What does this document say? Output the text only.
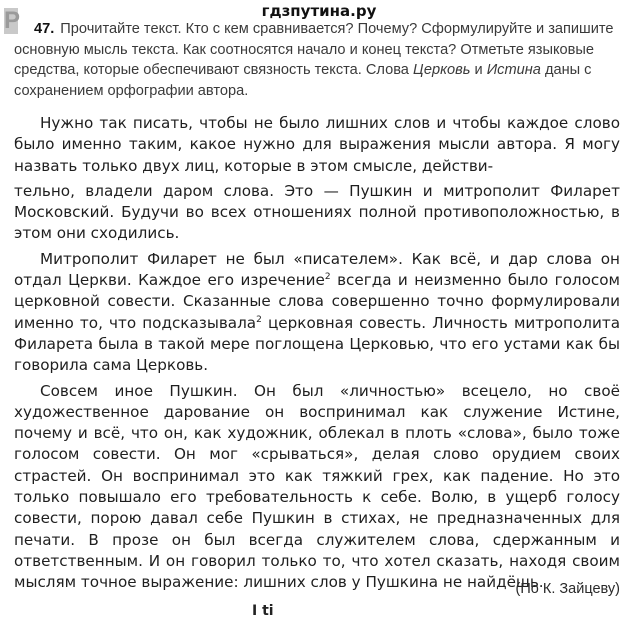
гдзпутина.ру
Р 47. Прочитайте текст. Кто с кем сравнивается? Почему? Сформулируйте и запишите основную мысль текста. Как соотносятся начало и конец текста? Отметьте языковые средства, которые обеспечивают связность текста. Слова Церковь и Истина даны с сохранением орфографии автора.

Нужно так писать, чтобы не было лишних слов и чтобы каждое слово было именно таким, какое нужно для выражения мысли автора. Я могу назвать только двух лиц, которые в этом смысле, действи-

тельно, владели даром слова. Это — Пушкин и митрополит Филарет Московский. Будучи во всех отношениях полной противоположностью, в этом они сходились.

Митрополит Филарет не был «писателем». Как всё, и дар слова он отдал Церкви. Каждое его изречение$^2$ всегда и неизменно было голосом церковной совести. Сказанные слова совершенно точно формулировали именно то, что подсказывала$^2$ церковная совесть. Личность митрополита Филарета была в такой мере поглощена Церковью, что его устами как бы говорила сама Церковь.

Совсем иное Пушкин. Он был «личностью» всецело, но своё художественное дарование он воспринимал как служение Истине, почему и всё, что он, как художник, облекал в плоть «слова», было тоже голосом совести. Он мог «срываться», делая слово орудием своих страстей. Он воспринимал это как тяжкий грех, как падение. Но это только повышало его требовательность к себе. Волю, в ущерб голосу совести, порою давал себе Пушкин в стихах, не предназначенных для печати. В прозе он был всегда служителем слова, сдержанным и ответственным. И он говорил только то, что хотел сказать, находя своим мыслям точное выражение: лишних слов у Пушкина не найдёшь.

(По К. Зайцеву)
I ti
